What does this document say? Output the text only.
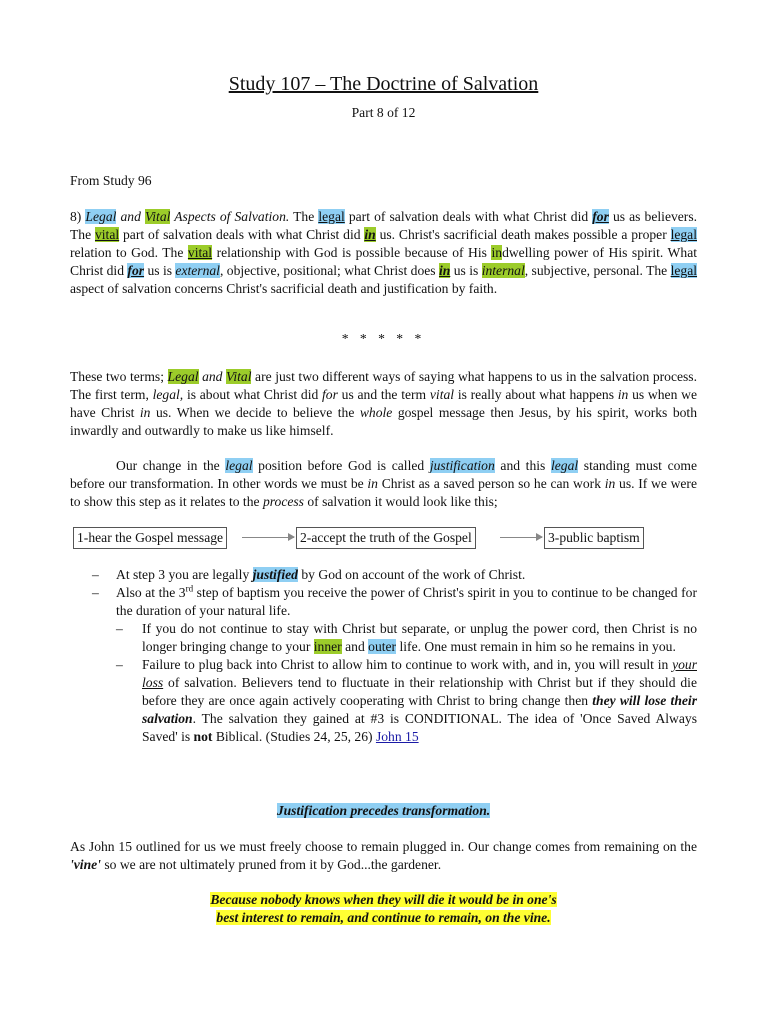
Study 107 – The Doctrine of Salvation
Part 8 of 12
From Study 96
8) Legal and Vital Aspects of Salvation. The legal part of salvation deals with what Christ did for us as believers. The vital part of salvation deals with what Christ did in us. Christ's sacrificial death makes possible a proper legal relation to God. The vital relationship with God is possible because of His indwelling power of His spirit. What Christ did for us is external, objective, positional; what Christ does in us is internal, subjective, personal. The legal aspect of salvation concerns Christ's sacrificial death and justification by faith.
* * * * *
These two terms; Legal and Vital are just two different ways of saying what happens to us in the salvation process. The first term, legal, is about what Christ did for us and the term vital is really about what happens in us when we have Christ in us. When we decide to believe the whole gospel message then Jesus, by his spirit, works both inwardly and outwardly to make us like himself.
Our change in the legal position before God is called justification and this legal standing must come before our transformation. In other words we must be in Christ as a saved person so he can work in us. If we were to show this step as it relates to the process of salvation it would look like this;
1-hear the Gospel message	2-accept the truth of the Gospel	3-public baptism
– At step 3 you are legally justified by God on account of the work of Christ.
– Also at the 3rd step of baptism you receive the power of Christ's spirit in you to continue to be changed for the duration of your natural life.
– If you do not continue to stay with Christ but separate, or unplug the power cord, then Christ is no longer bringing change to your inner and outer life. One must remain in him so he remains in you.
– Failure to plug back into Christ to allow him to continue to work with, and in, you will result in your loss of salvation. Believers tend to fluctuate in their relationship with Christ but if they should die before they are once again actively cooperating with Christ to bring change then they will lose their salvation. The salvation they gained at #3 is CONDITIONAL. The idea of 'Once Saved Always Saved' is not Biblical. (Studies 24, 25, 26) John 15
Justification precedes transformation.
As John 15 outlined for us we must freely choose to remain plugged in. Our change comes from remaining on the 'vine' so we are not ultimately pruned from it by God...the gardener.
Because nobody knows when they will die it would be in one's
best interest to remain, and continue to remain, on the vine.
